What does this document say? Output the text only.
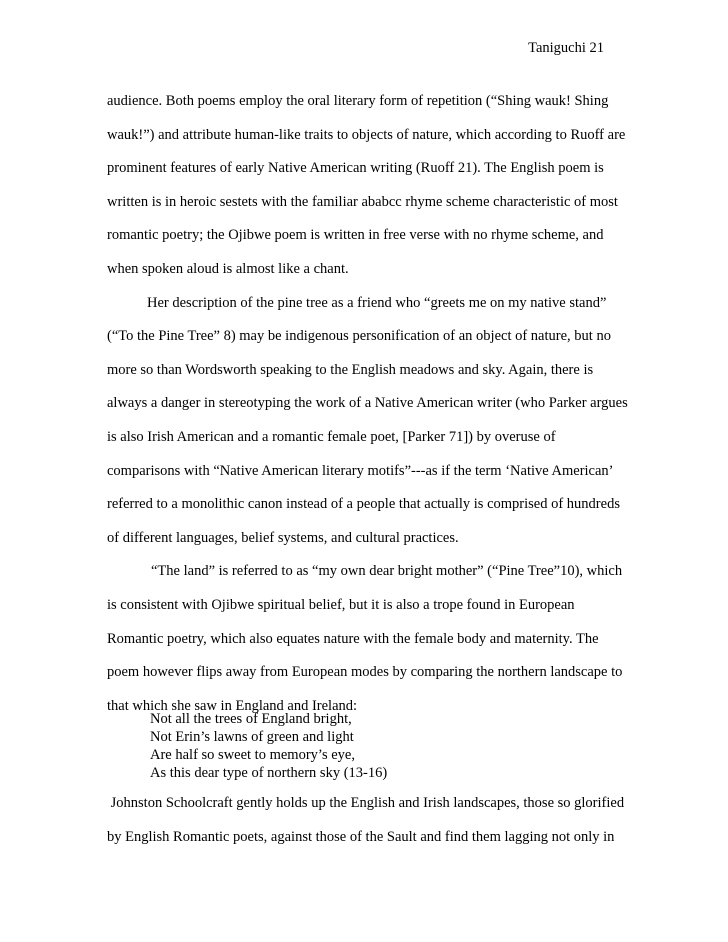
Taniguchi 21
audience. Both poems employ the oral literary form of repetition (“Shing wauk! Shing
wauk!”) and attribute human-like traits to objects of nature, which according to Ruoff are
prominent features of early Native American writing (Ruoff 21). The English poem is
written is in heroic sestets with the familiar ababcc rhyme scheme characteristic of most
romantic poetry; the Ojibwe poem is written in free verse with no rhyme scheme, and
when spoken aloud is almost like a chant.
Her description of the pine tree as a friend who “greets me on my native stand”
(“To the Pine Tree” 8) may be indigenous personification of an object of nature, but no
more so than Wordsworth speaking to the English meadows and sky. Again, there is
always a danger in stereotyping the work of a Native American writer (who Parker argues
is also Irish American and a romantic female poet, [Parker 71]) by overuse of
comparisons with “Native American literary motifs”---as if the term ‘Native American’
referred to a monolithic canon instead of a people that actually is comprised of hundreds
of different languages, belief systems, and cultural practices.
“The land” is referred to as “my own dear bright mother” (“Pine Tree”10), which
is consistent with Ojibwe spiritual belief, but it is also a trope found in European
Romantic poetry, which also equates nature with the female body and maternity. The
poem however flips away from European modes by comparing the northern landscape to
that which she saw in England and Ireland:
Not all the trees of England bright,
Not Erin’s lawns of green and light
Are half so sweet to memory’s eye,
As this dear type of northern sky (13-16)
Johnston Schoolcraft gently holds up the English and Irish landscapes, those so glorified
by English Romantic poets, against those of the Sault and find them lagging not only in
